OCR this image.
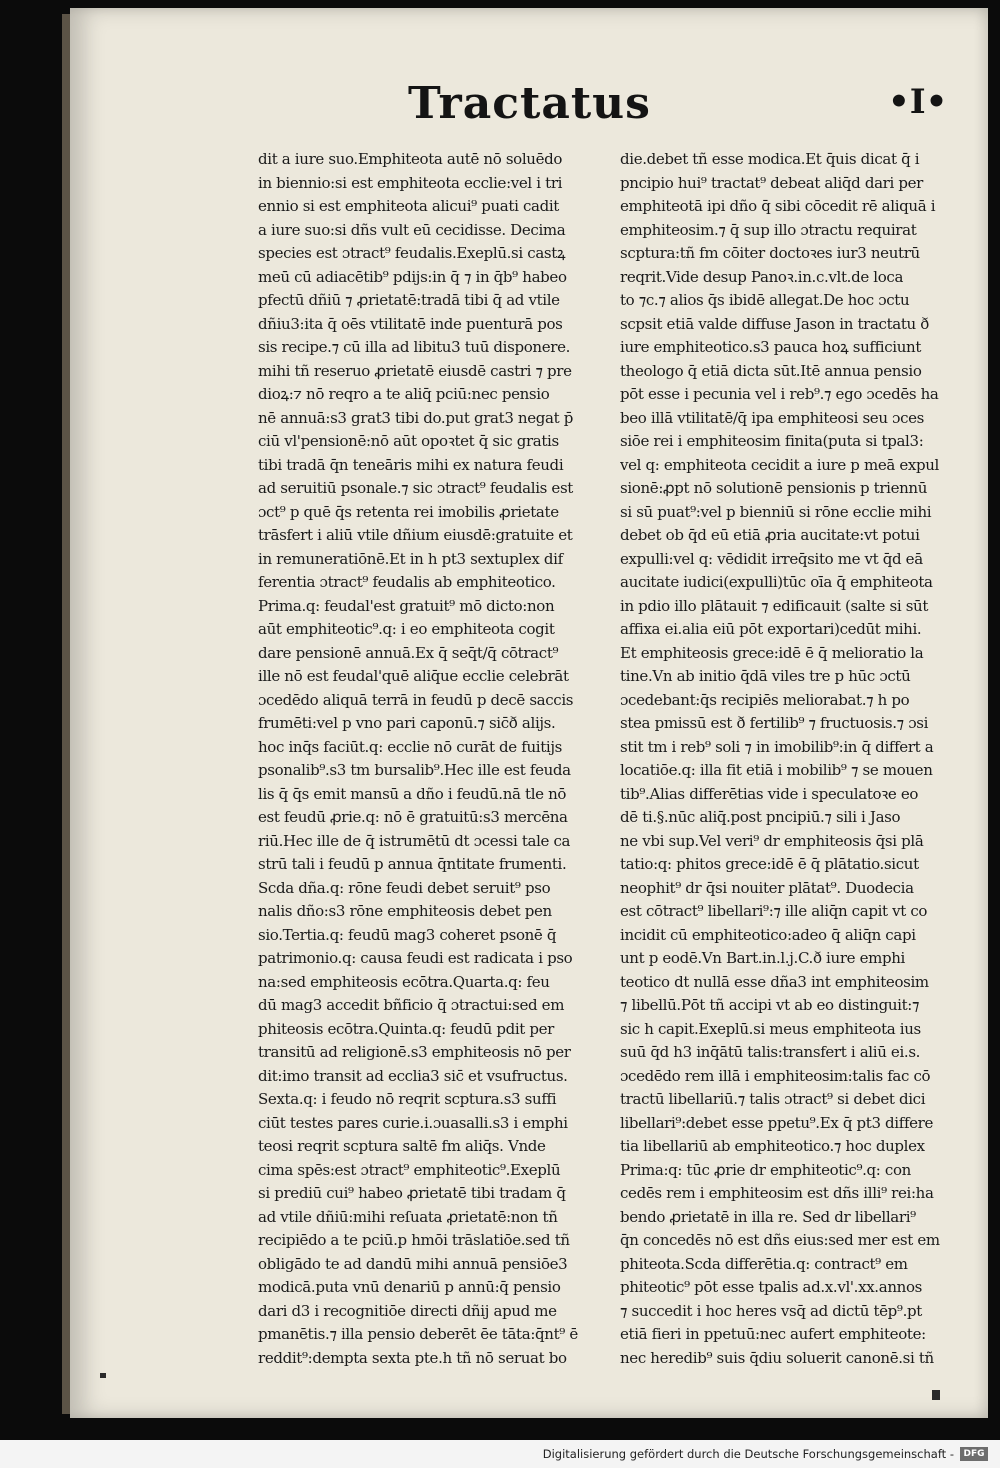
Tractatus	•I•
dit a iure suo.Emphiteota autē nō soluēdo
in biennio:si est emphiteota ecclie:vel i tri
ennio si est emphiteota alicui⁹ puati cadit
a iure suo:si dñs vult eū cecidisse. Decima
species est ɔtract⁹ feudalis.Exeplū.si castꝝ
meū cū adiacētib⁹ pdijs:in q̄ ⁊ in q̄b⁹ habeo
pfectū dñiū ⁊ ꝓrietatē:tradā tibi q̄ ad vtile
dñiu3:ita q̄ oēs vtilitatē inde puenturā pos
sis recipe.⁊ cū illa ad libitu3 tuū disponere.
mihi tñ reseruo ꝓrietatē eiusdē castri ⁊ pre
dioꝝ:⁊ nō reqro a te aliq̄ pciū:nec pensio
nē annuā:s3 grat3 tibi do.put grat3 negat p̄
ciū vl'pensionē:nō aūt opoꝛtet q̄ sic gratis
tibi tradā q̄n teneāris mihi ex natura feudi
ad seruitiū psonale.⁊ sic ɔtract⁹ feudalis est
ɔct⁹ p quē q̄s retenta rei imobilis ꝓrietate
trāsfert i aliū vtile dñium eiusdē:gratuite et
in remuneratiōnē.Et in h pt3 sextuplex dif
ferentia ɔtract⁹ feudalis ab emphiteotico.
Prima.q: feudal'est gratuit⁹ mō dicto:non
aūt emphiteotic⁹.q: i eo emphiteota cogit
dare pensionē annuā.Ex q̄ seq̄t/q̄ cōtract⁹
ille nō est feudal'quē aliq̄ue ecclie celebrāt
ɔcedēdo aliquā terrā in feudū p decē saccis
frumēti:vel p vno pari caponū.⁊ sic̄ð alijs.
hoc inq̄s faciūt.q: ecclie nō curāt de fuitijs
psonalib⁹.s3 tm bursalib⁹.Hec ille est feuda
lis q̄ q̄s emit mansū a dño i feudū.nā tle nō
est feudū ꝓrie.q: nō ē gratuitū:s3 mercēna
riū.Hec ille de q̄ istrumētū dt ɔcessi tale ca
strū tali i feudū p annua q̄ntitate frumenti.
Scda dña.q: rōne feudi debet seruit⁹ pso
nalis dño:s3 rōne emphiteosis debet pen
sio.Tertia.q: feudū mag3 coheret psonē q̄
patrimonio.q: causa feudi est radicata i pso
na:sed emphiteosis ecōtra.Quarta.q: feu
dū mag3 accedit bñficio q̄ ɔtractui:sed em
phiteosis ecōtra.Quinta.q: feudū pdit per
transitū ad religionē.s3 emphiteosis nō per
dit:imo transit ad ecclia3 sic̄ et vsufructus.
Sexta.q: i feudo nō reqrit scptura.s3 suffi
ciūt testes pares curie.i.ɔuasalli.s3 i emphi
teosi reqrit scptura saltē fm aliq̄s. Vnde
cima spēs:est ɔtract⁹ emphiteotic⁹.Exeplū
si prediū cui⁹ habeo ꝓrietatē tibi tradam q̄
ad vtile dñiū:mihi reſuata ꝓrietatē:non tñ
recipiēdo a te pciū.p hmōi trāslatiōe.sed tñ
obligādo te ad dandū mihi annuā pensiōe3
modicā.puta vnū denariū p annū:q̄ pensio
dari d3 i recognitiōe directi dñij apud me
pmanētis.⁊ illa pensio deberēt ēe tāta:q̄nt⁹ ē
reddit⁹:dempta sexta pte.h tñ nō seruat bo
die.debet tñ esse modica.Et q̄uis dicat q̄ i
pncipio hui⁹ tractat⁹ debeat aliq̄d dari per
emphiteotā ipi dño q̄ sibi cōcedit rē aliquā i
emphiteosim.⁊ q̄ sup illo ɔtractu requirat
scptura:tñ fm cōiter doctoꝛes iur3 neutrū
reqrit.Vide desup Panoꝛ.in.c.vlt.de loca
to ⁊c.⁊ alios q̄s ibidē allegat.De hoc ɔctu
scpsit etiā valde diffuse Jason in tractatu ð
iure emphiteotico.s3 pauca hoꝝ sufficiunt
theologo q̄ etiā dicta sūt.Itē annua pensio
pōt esse i pecunia vel i reb⁹.⁊ ego ɔcedēs ha
beo illā vtilitatē/q̄ ipa emphiteosi seu ɔces
siōe rei i emphiteosim finita(puta si tpal3:
vel q: emphiteota cecidit a iure p meā expul
sionē:ꝓpt nō solutionē pensionis p triennū
si sū puat⁹:vel p bienniū si rōne ecclie mihi
debet ob q̄d eū etiā ꝓria aucitate:vt potui
expulli:vel q: vēdidit irreq̄sito me vt q̄d eā
aucitate iudici(expulli)tūc oīa q̄ emphiteota
in pdio illo plātauit ⁊ edificauit (salte si sūt
affixa ei.alia eiū pōt exportari)cedūt mihi.
Et emphiteosis grece:idē ē q̄ melioratio la
tine.Vn ab initio q̄dā viles tre p hūc ɔctū
ɔcedebant:q̄s recipiēs meliorabat.⁊ h po
stea pmissū est ð fertilib⁹ ⁊ fructuosis.⁊ ɔsi
stit tm i reb⁹ soli ⁊ in imobilib⁹:in q̄ differt a
locatiōe.q: illa fit etiā i mobilib⁹ ⁊ se mouen
tib⁹.Alias differētias vide i speculatoꝛe eo
dē ti.§.nūc aliq̄.post pncipiū.⁊ sili i Jaso
ne vbi sup.Vel veri⁹ dr emphiteosis q̄si plā
tatio:q: phitos grece:idē ē q̄ plātatio.sicut
neophit⁹ dr q̄si nouiter plātat⁹. Duodecia
est cōtract⁹ libellari⁹:⁊ ille aliq̄n capit vt co
incidit cū emphiteotico:adeo q̄ aliq̄n capi
unt p eodē.Vn Bart.in.l.j.C.ð iure emphi
teotico dt nullā esse dña3 int emphiteosim
⁊ libellū.Pōt tñ accipi vt ab eo distinguit:⁊
sic h capit.Exeplū.si meus emphiteota ius
suū q̄d h3 inq̄ātū talis:transfert i aliū ei.s.
ɔcedēdo rem illā i emphiteosim:talis fac cō
tractū libellariū.⁊ talis ɔtract⁹ si debet dici
libellari⁹:debet esse ppetu⁹.Ex q̄ pt3 differe
tia libellariū ab emphiteotico.⁊ hoc duplex
Prima:q: tūc ꝓrie dr emphiteotic⁹.q: con
cedēs rem i emphiteosim est dñs illi⁹ rei:ha
bendo ꝓrietatē in illa re. Sed dr libellari⁹
q̄n concedēs nō est dñs eius:sed mer est em
phiteota.Scda differētia.q: contract⁹ em
phiteotic⁹ pōt esse tpalis ad.x.vl'.xx.annos
⁊ succedit i hoc heres vsq̄ ad dictū tēp⁹.pt
etiā fieri in ppetuū:nec aufert emphiteote:
nec heredib⁹ suis q̄diu soluerit canonē.si tñ
Digitalisierung gefördert durch die Deutsche Forschungsgemeinschaft -	DFG
